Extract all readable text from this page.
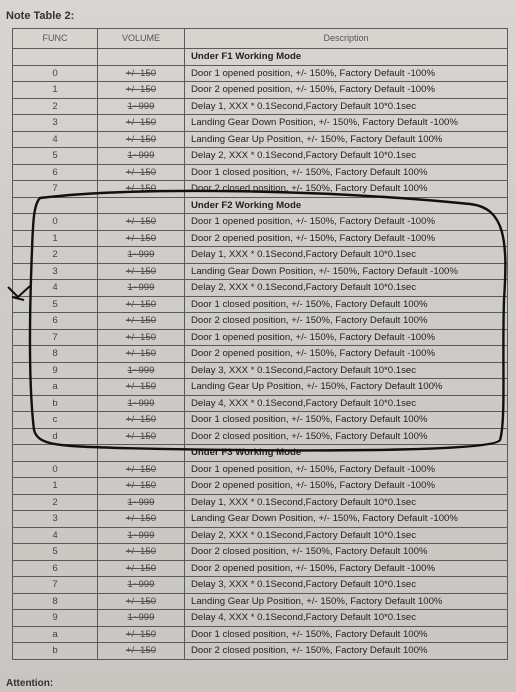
Note Table 2:
FUNC	VOLUME	Description
		Under F1 Working Mode
0	+/- 150	Door 1 opened position, +/- 150%, Factory Default -100%
1	+/- 150	Door 2 opened position, +/- 150%, Factory Default -100%
2	1~999	Delay 1, XXX * 0.1Second,Factory Default 10*0.1sec
3	+/- 150	Landing Gear Down Position, +/- 150%, Factory Default -100%
4	+/- 150	Landing Gear Up Position, +/- 150%, Factory Default 100%
5	1~999	Delay 2, XXX * 0.1Second,Factory Default 10*0.1sec
6	+/- 150	Door 1 closed position, +/- 150%, Factory Default 100%
7	+/- 150	Door 2 closed position, +/- 150%, Factory Default 100%
		Under F2 Working Mode
0	+/- 150	Door 1 opened position, +/- 150%, Factory Default -100%
1	+/- 150	Door 2 opened position, +/- 150%, Factory Default -100%
2	1~999	Delay 1, XXX * 0.1Second,Factory Default 10*0.1sec
3	+/- 150	Landing Gear Down Position, +/- 150%, Factory Default -100%
4	1~999	Delay 2, XXX * 0.1Second,Factory Default 10*0.1sec
5	+/- 150	Door 1 closed position, +/- 150%, Factory Default 100%
6	+/- 150	Door 2 closed position, +/- 150%, Factory Default 100%
7	+/- 150	Door 1 opened position, +/- 150%, Factory Default -100%
8	+/- 150	Door 2 opened position, +/- 150%, Factory Default -100%
9	1~999	Delay 3, XXX * 0.1Second,Factory Default 10*0.1sec
a	+/- 150	Landing Gear Up Position, +/- 150%, Factory Default 100%
b	1~999	Delay 4, XXX * 0.1Second,Factory Default 10*0.1sec
c	+/- 150	Door 1 closed position, +/- 150%, Factory Default 100%
d	+/- 150	Door 2 closed position, +/- 150%, Factory Default 100%
		Under F3 Working Mode
0	+/- 150	Door 1 opened position, +/- 150%, Factory Default -100%
1	+/- 150	Door 2 opened position, +/- 150%, Factory Default -100%
2	1~999	Delay 1, XXX * 0.1Second,Factory Default 10*0.1sec
3	+/- 150	Landing Gear Down Position, +/- 150%, Factory Default -100%
4	1~999	Delay 2, XXX * 0.1Second,Factory Default 10*0.1sec
5	+/- 150	Door 2 closed position, +/- 150%, Factory Default 100%
6	+/- 150	Door 2 opened position, +/- 150%, Factory Default -100%
7	1~999	Delay 3, XXX * 0.1Second,Factory Default 10*0.1sec
8	+/- 150	Landing Gear Up Position, +/- 150%, Factory Default 100%
9	1~999	Delay 4, XXX * 0.1Second,Factory Default 10*0.1sec
a	+/- 150	Door 1 closed position, +/- 150%, Factory Default 100%
b	+/- 150	Door 2 closed position, +/- 150%, Factory Default 100%
Attention:
